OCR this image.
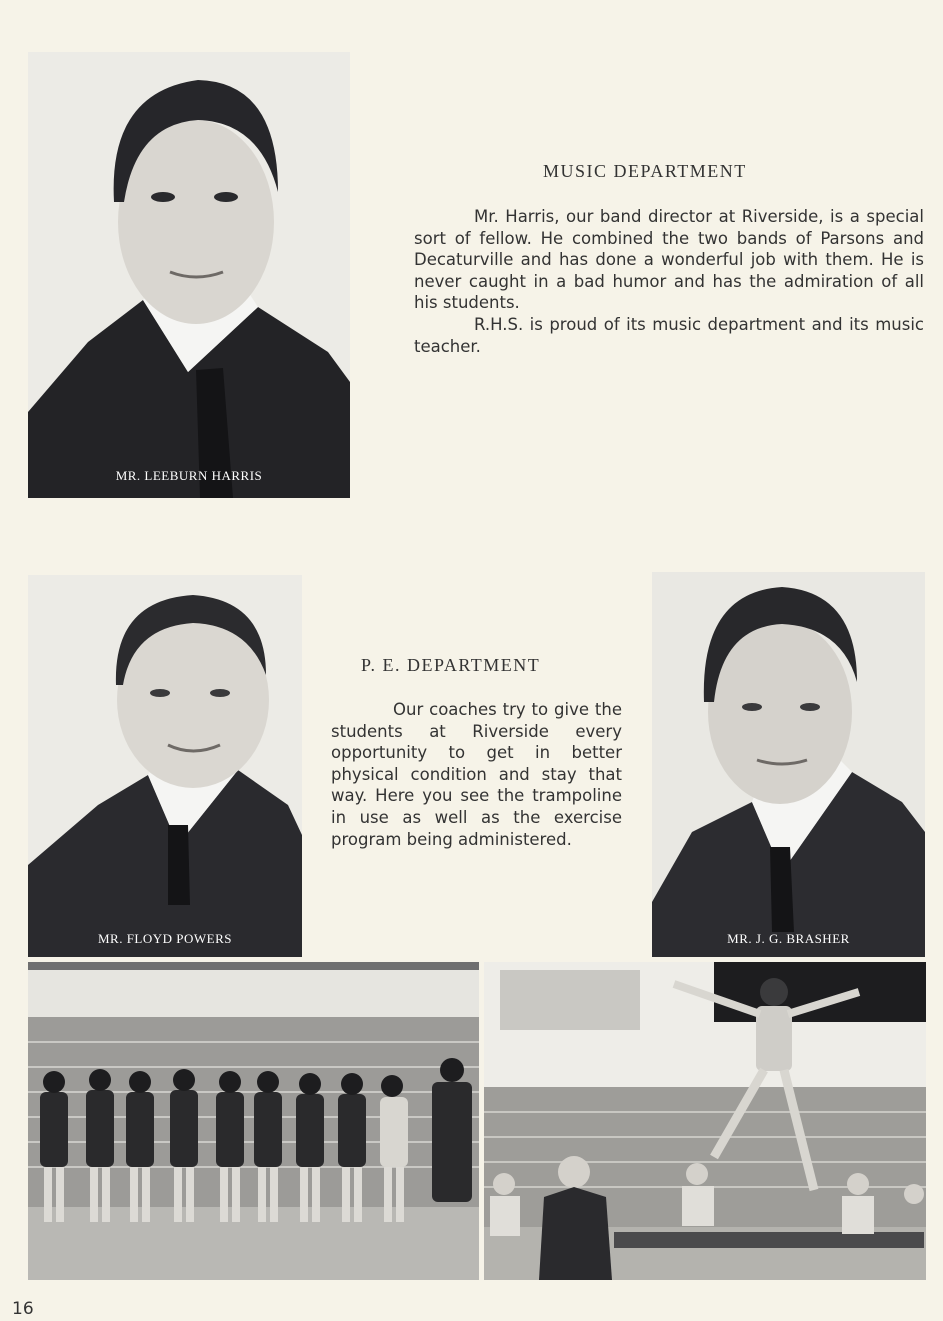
MR. LEEBURN HARRIS
MUSIC DEPARTMENT

Mr. Harris, our band director at Riverside, is a special sort of fellow. He combined the two bands of Parsons and Decaturville and has done a wonderful job with them. He is never caught in a bad humor and has the admiration of all his students.

R.H.S. is proud of its music department and its music teacher.

MR. FLOYD POWERS
P. E. DEPARTMENT

Our coaches try to give the students at Riverside every opportunity to get in better physical condition and stay that way. Here you see the trampoline in use as well as the exercise program being administered.

MR. J. G. BRASHER
16
